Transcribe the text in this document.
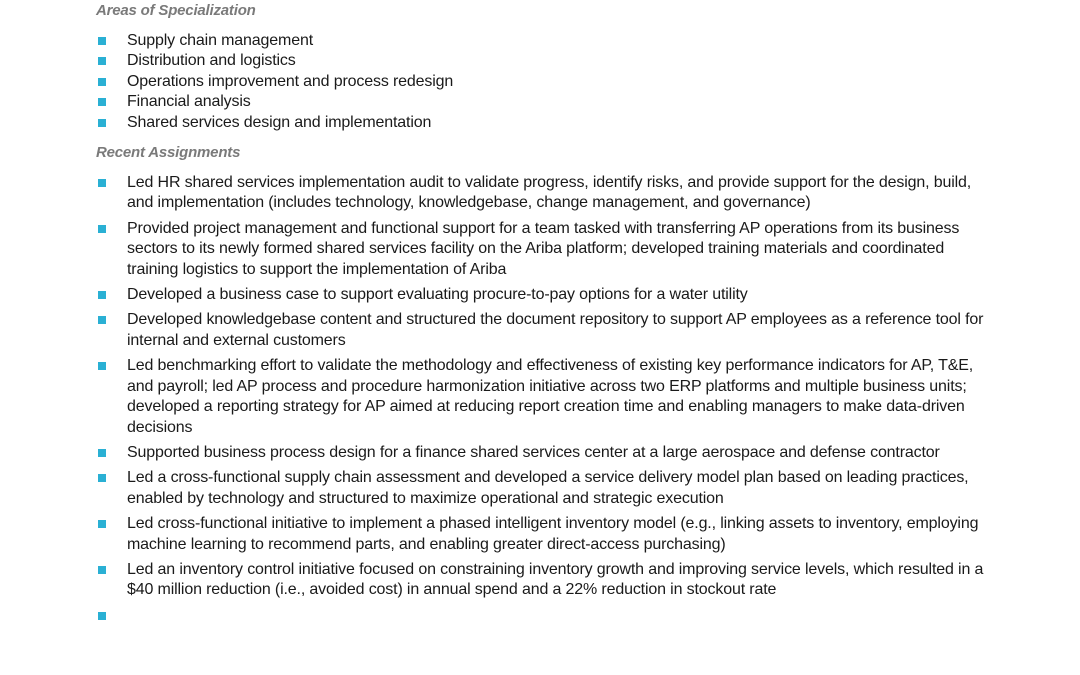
Areas of Specialization
Supply chain management
Distribution and logistics
Operations improvement and process redesign
Financial analysis
Shared services design and implementation
Recent Assignments
Led HR shared services implementation audit to validate progress, identify risks, and provide support for the design, build, and implementation (includes technology, knowledgebase, change management, and governance)
Provided project management and functional support for a team tasked with transferring AP operations from its business sectors to its newly formed shared services facility on the Ariba platform; developed training materials and coordinated training logistics to support the implementation of Ariba
Developed a business case to support evaluating procure-to-pay options for a water utility
Developed knowledgebase content and structured the document repository to support AP employees as a reference tool for internal and external customers
Led benchmarking effort to validate the methodology and effectiveness of existing key performance indicators for AP, T&E, and payroll; led AP process and procedure harmonization initiative across two ERP platforms and multiple business units; developed a reporting strategy for AP aimed at reducing report creation time and enabling managers to make data-driven decisions
Supported business process design for a finance shared services center at a large aerospace and defense contractor
Led a cross-functional supply chain assessment and developed a service delivery model plan based on leading practices, enabled by technology and structured to maximize operational and strategic execution
Led cross-functional initiative to implement a phased intelligent inventory model (e.g., linking assets to inventory, employing machine learning to recommend parts, and enabling greater direct-access purchasing)
Led an inventory control initiative focused on constraining inventory growth and improving service levels, which resulted in a $40 million reduction (i.e., avoided cost) in annual spend and a 22% reduction in stockout rate
